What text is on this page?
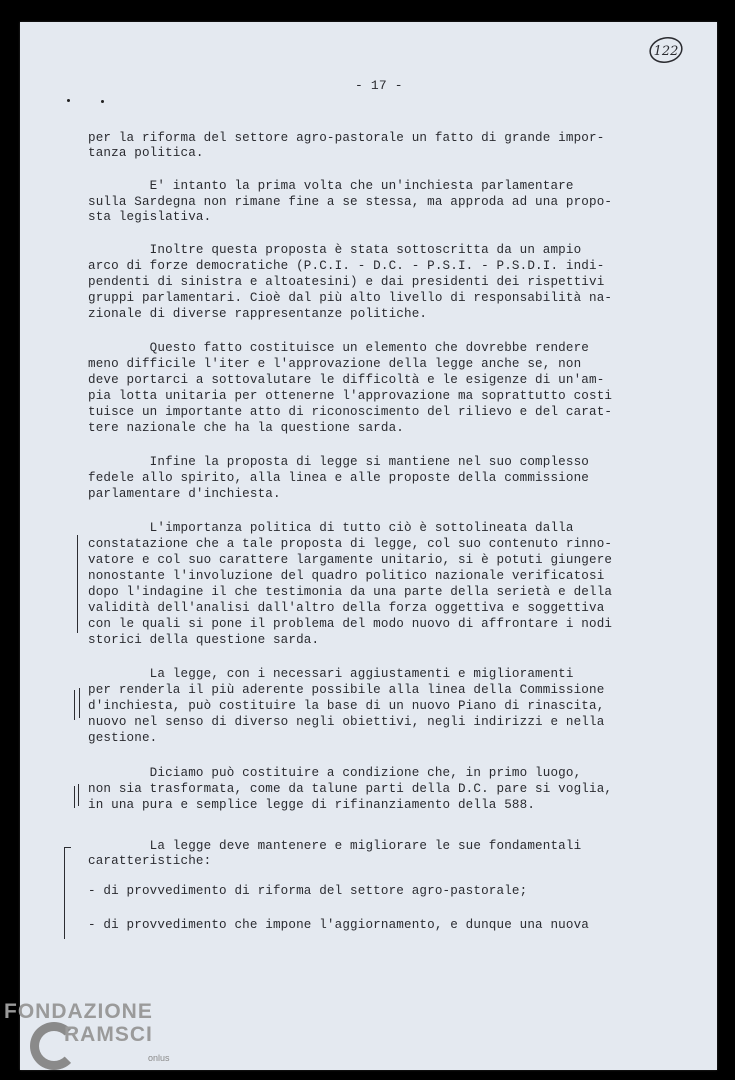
- 17 -
122
per la riforma del settore agro-pastorale un fatto di grande impor-
tanza politica.
E' intanto la prima volta che un'inchiesta parlamentare
sulla Sardegna non rimane fine a se stessa, ma approda ad una propo-
sta legislativa.
Inoltre questa proposta è stata sottoscritta da un ampio
arco di forze democratiche (P.C.I. - D.C. - P.S.I. - P.S.D.I. indi-
pendenti di sinistra e altoatesini) e dai presidenti dei rispettivi
gruppi parlamentari. Cioè dal più alto livello di responsabilità na-
zionale di diverse rappresentanze politiche.
Questo fatto costituisce un elemento che dovrebbe rendere
meno difficile l'iter e l'approvazione della legge anche se, non
deve portarci a sottovalutare le difficoltà e le esigenze di un'am-
pia lotta unitaria per ottenerne l'approvazione ma soprattutto costi
tuisce un importante atto di riconoscimento del rilievo e del carat-
tere nazionale che ha la questione sarda.
Infine la proposta di legge si mantiene nel suo complesso
fedele allo spirito, alla linea e alle proposte della commissione
parlamentare d'inchiesta.
L'importanza politica di tutto ciò è sottolineata dalla
constatazione che a tale proposta di legge, col suo contenuto rinno-
vatore e col suo carattere largamente unitario, si è potuti giungere
nonostante l'involuzione del quadro politico nazionale verificatosi
dopo l'indagine il che testimonia da una parte della serietà e della
validità dell'analisi dall'altro della forza oggettiva e soggettiva
con le quali si pone il problema del modo nuovo di affrontare i nodi
storici della questione sarda.
La legge, con i necessari aggiustamenti e miglioramenti
per renderla il più aderente possibile alla linea della Commissione
d'inchiesta, può costituire la base di un nuovo Piano di rinascita,
nuovo nel senso di diverso negli obiettivi, negli indirizzi e nella
gestione.
Diciamo può costituire a condizione che, in primo luogo,
non sia trasformata, come da talune parti della D.C. pare si voglia,
in una pura e semplice legge di rifinanziamento della 588.
La legge deve mantenere e migliorare le sue fondamentali
caratteristiche:
- di provvedimento di riforma del settore agro-pastorale;
- di provvedimento che impone l'aggiornamento, e dunque una nuova
FONDAZIONE
RAMSCI
onlus
